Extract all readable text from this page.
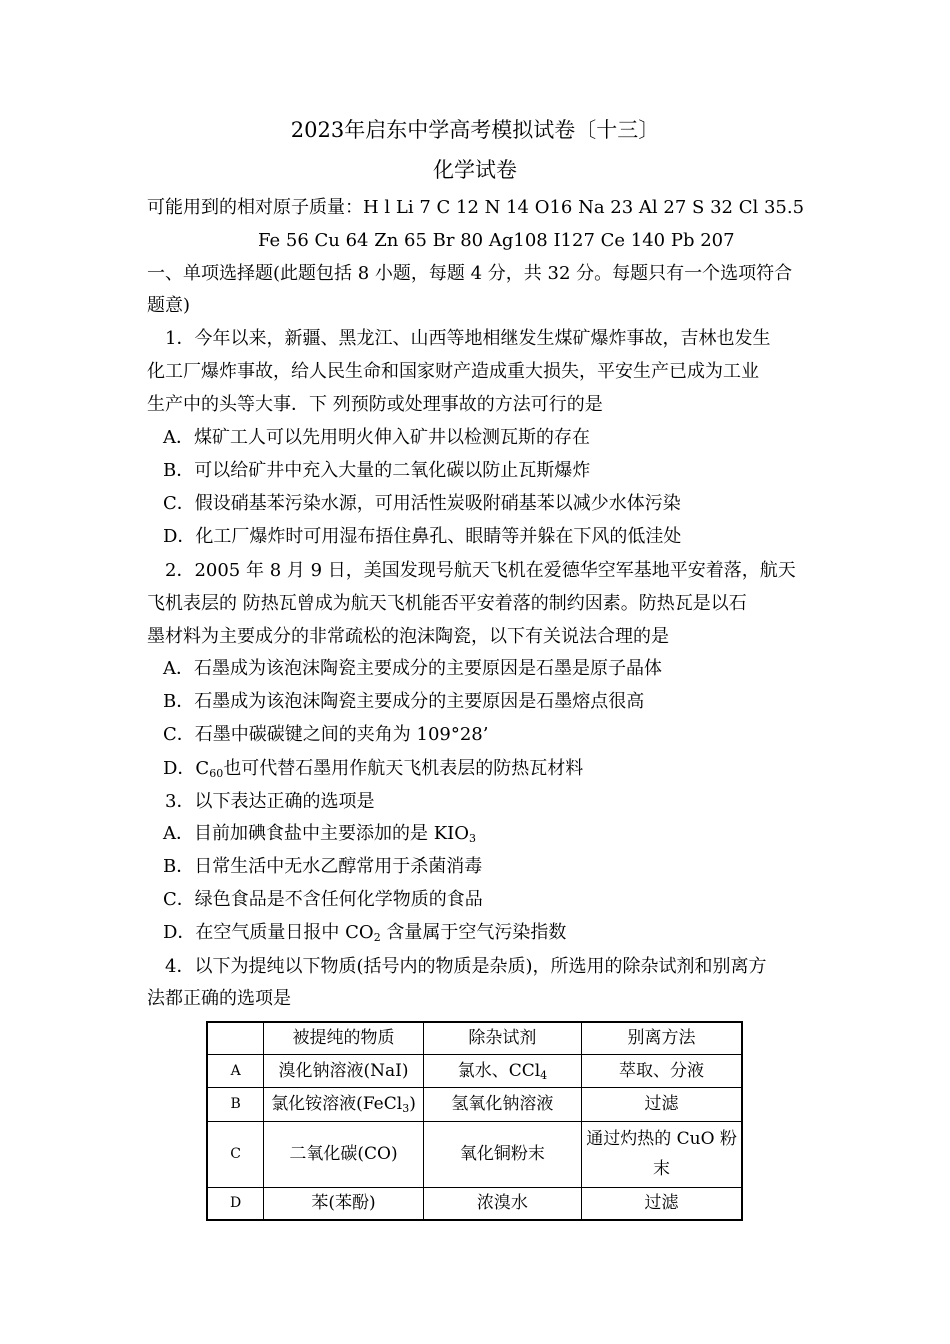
2023年启东中学高考模拟试卷〔十三〕
化学试卷
可能用到的相对原子质量：H l Li 7 C 12 N 14 O16 Na 23 Al 27 S 32 Cl 35.5
Fe 56 Cu 64 Zn 65 Br 80 Ag108 I127 Ce 140 Pb 207
一、单项选择题(此题包括 8 小题，每题 4 分，共 32 分。每题只有一个选项符合
题意)
1．今年以来，新疆、黑龙江、山西等地相继发生煤矿爆炸事故，吉林也发生
化工厂爆炸事故，给人民生命和国家财产造成重大损失，平安生产已成为工业
生产中的头等大事．下 列预防或处理事故的方法可行的是
A．煤矿工人可以先用明火伸入矿井以检测瓦斯的存在
B．可以给矿井中充入大量的二氧化碳以防止瓦斯爆炸
C．假设硝基苯污染水源，可用活性炭吸附硝基苯以减少水体污染
D．化工厂爆炸时可用湿布捂住鼻孔、眼睛等并躲在下风的低洼处
2．2005 年 8 月 9 日，美国发现号航天飞机在爱德华空军基地平安着落，航天
飞机表层的 防热瓦曾成为航天飞机能否平安着落的制约因素。防热瓦是以石
墨材料为主要成分的非常疏松的泡沫陶瓷，以下有关说法合理的是
A．石墨成为该泡沫陶瓷主要成分的主要原因是石墨是原子晶体
B．石墨成为该泡沫陶瓷主要成分的主要原因是石墨熔点很高
C．石墨中碳碳键之间的夹角为 109°28’
D．$C_{60}$也可代替石墨用作航天飞机表层的防热瓦材料
3．以下表达正确的选项是
A．目前加碘食盐中主要添加的是 $KIO_3$
B．日常生活中无水乙醇常用于杀菌消毒
C．绿色食品是不含任何化学物质的食品
D．在空气质量日报中 $CO_2$ 含量属于空气污染指数
4．以下为提纯以下物质(括号内的物质是杂质)，所选用的除杂试剂和别离方
法都正确的选项是
	被提纯的物质	除杂试剂	别离方法
A	溴化钠溶液(NaI)	氯水、CCl$_4$	萃取、分液
B	氯化铵溶液(FeCl$_3$)	氢氧化钠溶液	过滤
C	二氧化碳(CO)	氧化铜粉末	通过灼热的 CuO 粉末
D	苯(苯酚)	浓溴水	过滤
